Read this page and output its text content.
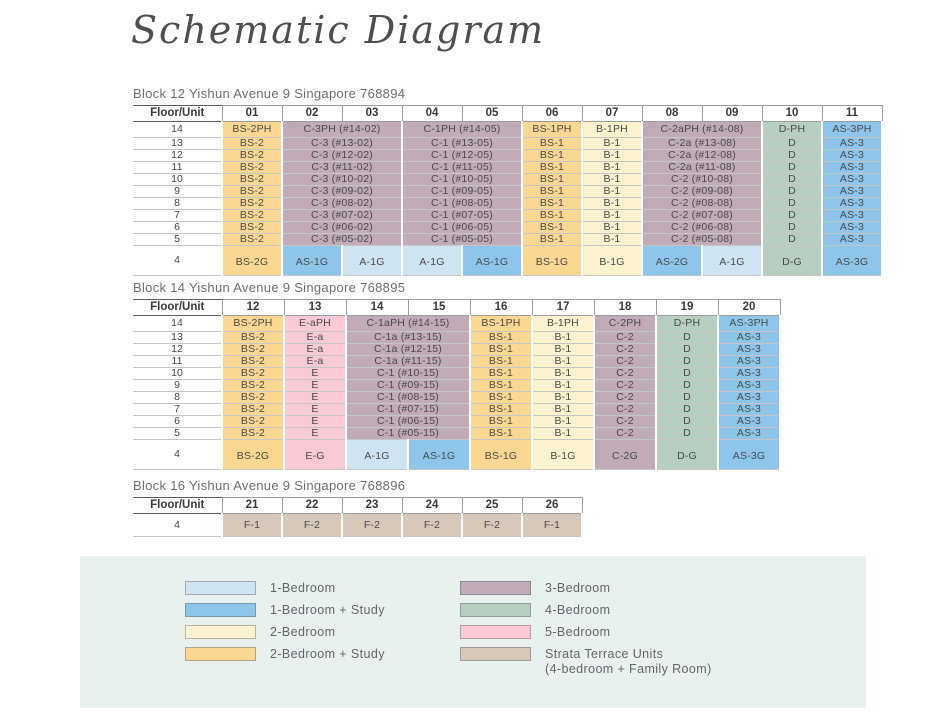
Schematic Diagram
Block 12 Yishun Avenue 9 Singapore 768894
Floor/Unit	01	02	03	04	05	06	07	08	09	10	11
14	BS-2PH	C-3PH (#14-02)		C-1PH (#14-05)		BS-1PH	B-1PH	C-2aPH (#14-08)		D-PH	AS-3PH
13	BS-2	C-3 (#13-02)		C-1 (#13-05)		BS-1	B-1	C-2a (#13-08)		D	AS-3
12	BS-2	C-3 (#12-02)		C-1 (#12-05)		BS-1	B-1	C-2a (#12-08)		D	AS-3
11	BS-2	C-3 (#11-02)		C-1 (#11-05)		BS-1	B-1	C-2a (#11-08)		D	AS-3
10	BS-2	C-3 (#10-02)		C-1 (#10-05)		BS-1	B-1	C-2 (#10-08)		D	AS-3
9	BS-2	C-3 (#09-02)		C-1 (#09-05)		BS-1	B-1	C-2 (#09-08)		D	AS-3
8	BS-2	C-3 (#08-02)		C-1 (#08-05)		BS-1	B-1	C-2 (#08-08)		D	AS-3
7	BS-2	C-3 (#07-02)		C-1 (#07-05)		BS-1	B-1	C-2 (#07-08)		D	AS-3
6	BS-2	C-3 (#06-02)		C-1 (#06-05)		BS-1	B-1	C-2 (#06-08)		D	AS-3
5	BS-2	C-3 (#05-02)		C-1 (#05-05)		BS-1	B-1	C-2 (#05-08)		D	AS-3
4	BS-2G	AS-1G	A-1G	A-1G	AS-1G	BS-1G	B-1G	AS-2G	A-1G	D-G	AS-3G
Block 14 Yishun Avenue 9 Singapore 768895
Floor/Unit	12	13	14	15	16	17	18	19	20
14	BS-2PH	E-aPH	C-1aPH (#14-15)		BS-1PH	B-1PH	C-2PH	D-PH	AS-3PH
13	BS-2	E-a	C-1a (#13-15)		BS-1	B-1	C-2	D	AS-3
12	BS-2	E-a	C-1a (#12-15)		BS-1	B-1	C-2	D	AS-3
11	BS-2	E-a	C-1a (#11-15)		BS-1	B-1	C-2	D	AS-3
10	BS-2	E	C-1 (#10-15)		BS-1	B-1	C-2	D	AS-3
9	BS-2	E	C-1 (#09-15)		BS-1	B-1	C-2	D	AS-3
8	BS-2	E	C-1 (#08-15)		BS-1	B-1	C-2	D	AS-3
7	BS-2	E	C-1 (#07-15)		BS-1	B-1	C-2	D	AS-3
6	BS-2	E	C-1 (#06-15)		BS-1	B-1	C-2	D	AS-3
5	BS-2	E	C-1 (#05-15)		BS-1	B-1	C-2	D	AS-3
4	BS-2G	E-G	A-1G	AS-1G	BS-1G	B-1G	C-2G	D-G	AS-3G
Block 16 Yishun Avenue 9 Singapore 768896
Floor/Unit	21	22	23	24	25	26
4	F-1	F-2	F-2	F-2	F-2	F-1
1-Bedroom
1-Bedroom + Study
2-Bedroom
2-Bedroom + Study
3-Bedroom
4-Bedroom
5-Bedroom
Strata Terrace Units
(4-bedroom + Family Room)
